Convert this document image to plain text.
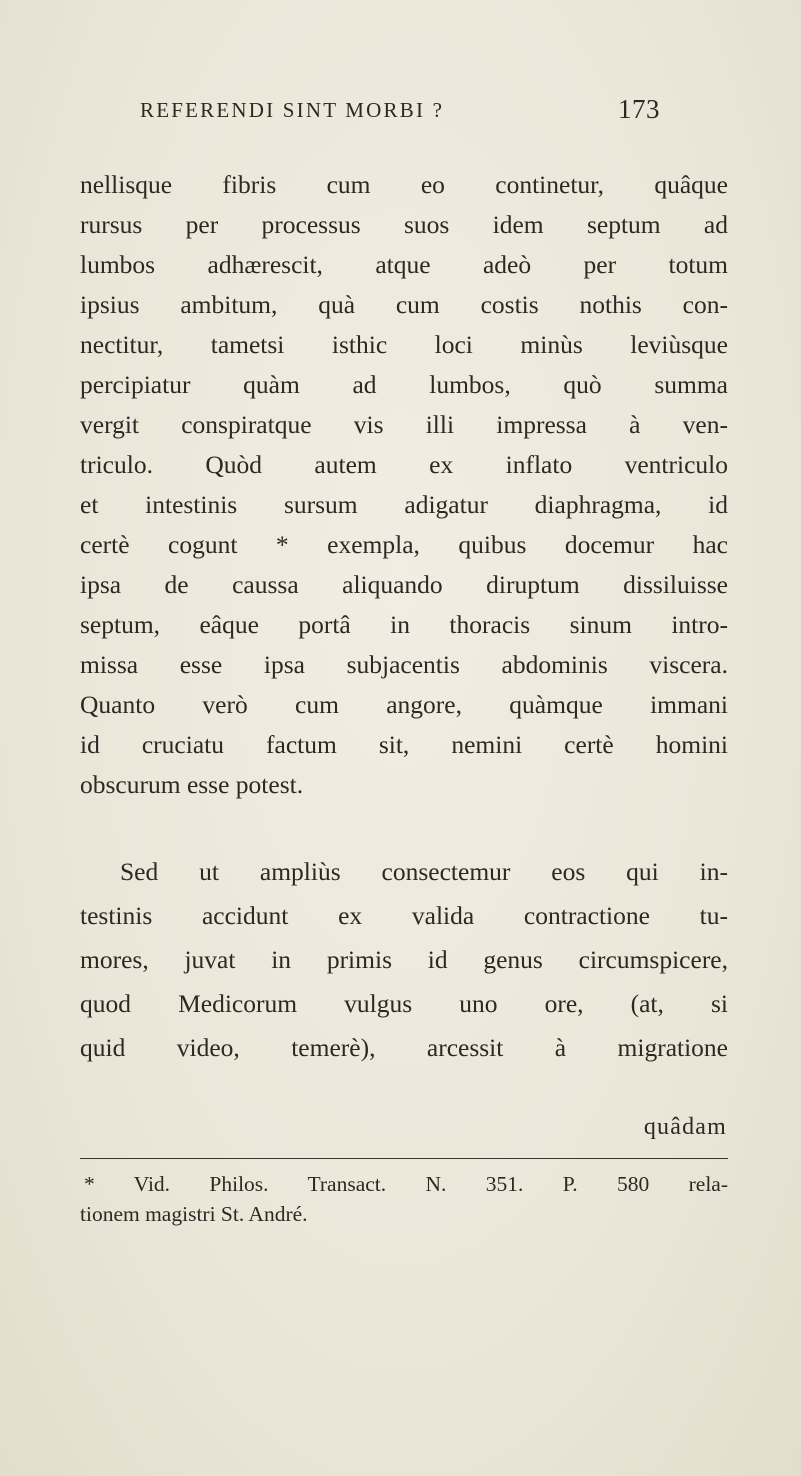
REFERENDI SINT MORBI ?	173
nellisque fibris cum eo continetur, quâque
rursus per processus suos idem septum ad
lumbos adhærescit, atque adeò per totum
ipsius ambitum, quà cum costis nothis con-
nectitur, tametsi isthic loci minùs leviùsque
percipiatur quàm ad lumbos, quò summa
vergit conspiratque vis illi impressa à ven-
triculo. Quòd autem ex inflato ventriculo
et intestinis sursum adigatur diaphragma, id
certè cogunt * exempla, quibus docemur hac
ipsa de caussa aliquando diruptum dissiluisse
septum, eâque portâ in thoracis sinum intro-
missa esse ipsa subjacentis abdominis viscera.
Quanto verò cum angore, quàmque immani
id cruciatu factum sit, nemini certè homini
obscurum esse potest.
Sed ut ampliùs consectemur eos qui in-
testinis accidunt ex valida contractione tu-
mores, juvat in primis id genus circumspicere,
quod Medicorum vulgus uno ore, (at, si
quid video, temerè), arcessit à migratione
quâdam
* Vid. Philos. Transact. N. 351. P. 580 rela-
tionem magistri St. André.
